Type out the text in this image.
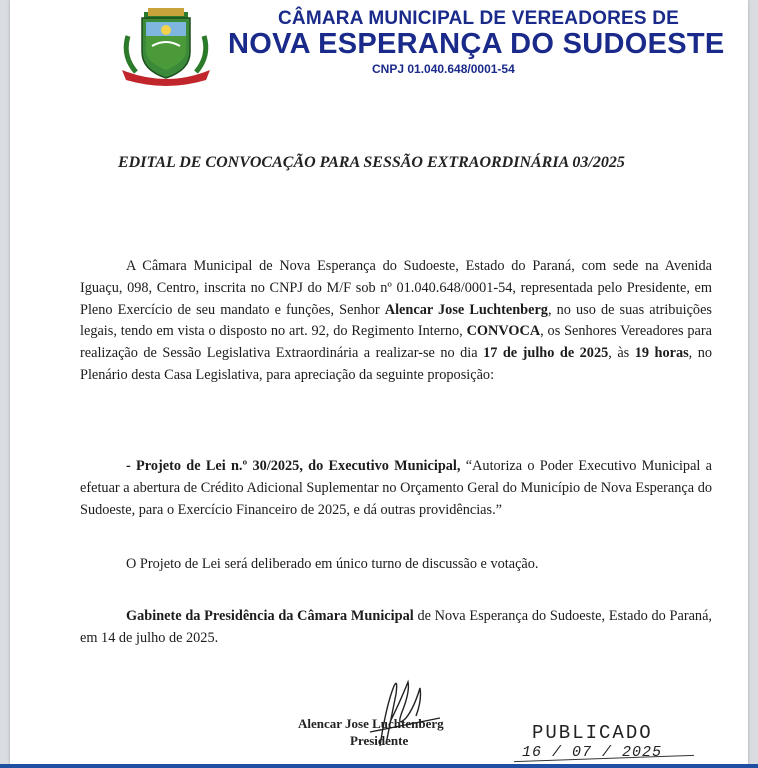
CÂMARA MUNICIPAL DE VEREADORES DE
NOVA ESPERANÇA DO SUDOESTE
CNPJ 01.040.648/0001-54
EDITAL DE CONVOCAÇÃO PARA SESSÃO EXTRAORDINÁRIA 03/2025
A Câmara Municipal de Nova Esperança do Sudoeste, Estado do Paraná, com sede na Avenida Iguaçu, 098, Centro, inscrita no CNPJ do M/F sob nº 01.040.648/0001-54, representada pelo Presidente, em Pleno Exercício de seu mandato e funções, Senhor Alencar Jose Luchtenberg, no uso de suas atribuições legais, tendo em vista o disposto no art. 92, do Regimento Interno, CONVOCA, os Senhores Vereadores para realização de Sessão Legislativa Extraordinária a realizar-se no dia 17 de julho de 2025, às 19 horas, no Plenário desta Casa Legislativa, para apreciação da seguinte proposição:
- Projeto de Lei n.º 30/2025, do Executivo Municipal, “Autoriza o Poder Executivo Municipal a efetuar a abertura de Crédito Adicional Suplementar no Orçamento Geral do Município de Nova Esperança do Sudoeste, para o Exercício Financeiro de 2025, e dá outras providências.”
O Projeto de Lei será deliberado em único turno de discussão e votação.
Gabinete da Presidência da Câmara Municipal de Nova Esperança do Sudoeste, Estado do Paraná, em 14 de julho de 2025.
Alencar Jose Luchtenberg
Presidente	PUBLICADO
16 / 07 / 2025
